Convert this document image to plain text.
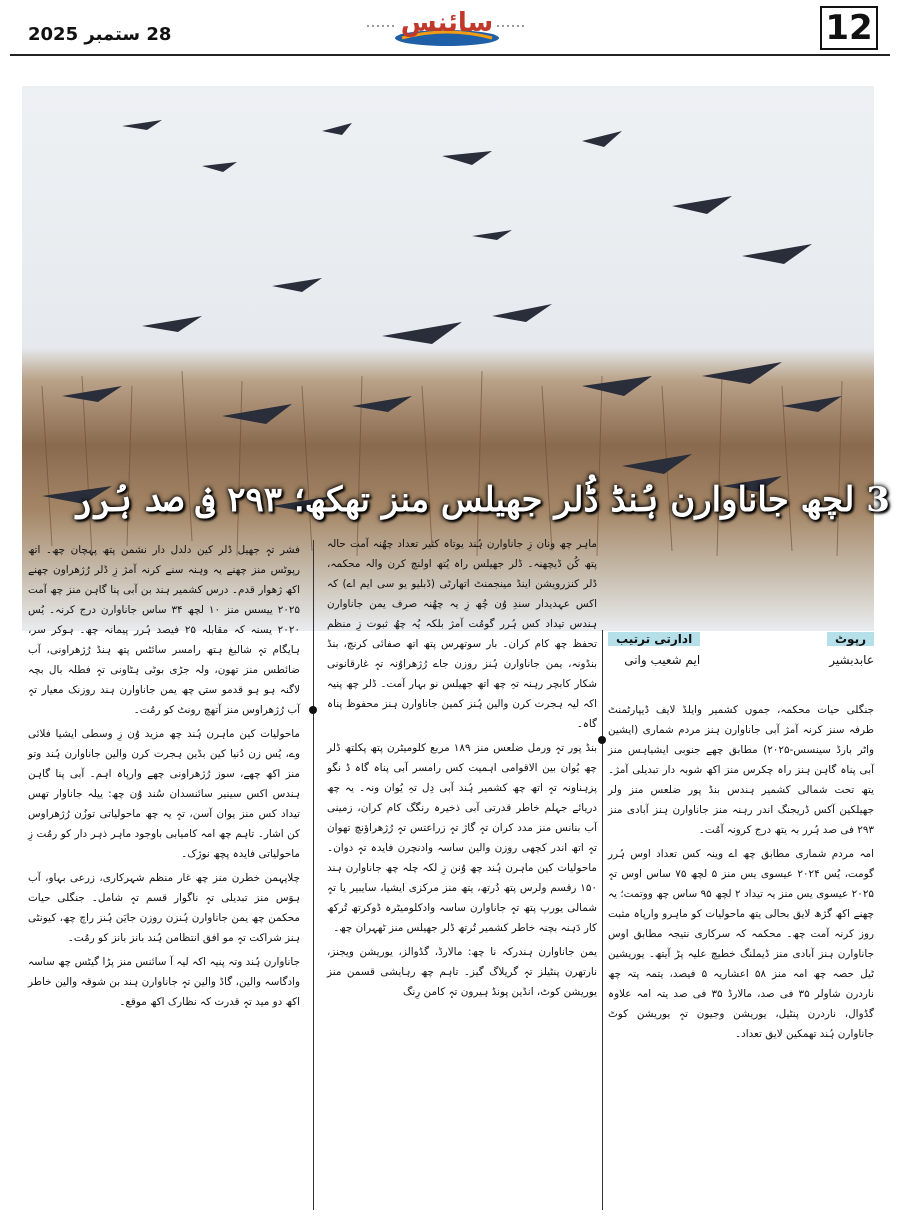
28 ستمبر 2025	سائنس	12
3 لچھ جاناوارن ہُنڈ ڈُلر جھیلس منز تھکھ؛ ۲۹۳ فی صد ہُرر
رپوٹ
عابدبشیر
ادارتی ترتیب
ایم شعیب وانی

جنگلی حیات محکمہ، جموں کشمیر وایلڈ لایف ڈیپارٹمنٹ طرفہ سنز کرنہ آمژ آبی جاناوارن ہنز مردم شماری (ایشین واٹر بارڈ سینسس-۲۰۲۵) مطابق چھے جنوبی ایشیاہس منز آبی پناہ گاہن ہنز راہ چکرس منز اکھ شوبہ دار تبدیلی آمژ۔ یتھ تحت شمالی کشمیر ہندس بنڈ پور ضلعس منز ولر جھیلکین آکس ڈریجنگ اندر رہنہ منز جاناوارن ہنز آبادی منز ۲۹۳ فی صد ہُرر بہ یتھ درج کرونہ آمُت۔

امہ مردم شماری مطابق چھ اے وینہ کس تعداد اوس ہُرر گومت، یُس ۲۰۲۴ عیسوی یس منز ۵ لچھ ۷۵ ساس اوس تہٕ ۲۰۲۵ عیسوی یس منز یہ تیداد ۲ لچھ ۹۵ ساس چھ ووتمت؛ یہ چھنے اکھ گژھ لایق بحالی یتھ ماحولیات کو ماہرو وارپاہ مثبت روز کرنہ آمت چھ۔ محکمہ کہ سرکاری نتیجہ مطابق اوس جاناوارن ہنز آبادی منز ڈیملنگ خطیچ علیہ پڑ آیتھ۔ یوریشین ٹیل حصہ چھ امہ منز ۵۸ اعشاریہ ۵ فیصد، یتمہ پتہ چھ ناردرن شاولر ۳۵ فی صد، مالارڈ ۳۵ فی صد یتہ امہ علاوہ گڈوال، ناردرن پنٹیل، یوریشن وجیون تہٕ یوریشن کوٹ جاناوارن ہُند تھمکین لایق تعداد۔

ماہر چھ ونان زِ جاناوارن ہُند یوتاہ کثیر تعداد چھُنہ آمت حالہ پتھ کُن ڈیچھنہ۔ ڈلر جھیلس راہ یُتھ اولنچ کرن والہ محکمہ، ڈلر کنزرویشن اینڈ مینجمنٹ اتھارٹی (ڈبلیو یو سی ایم اے) کہ اکس عہدیدار سندِ وُن چُھ زِ یہ چھُنہ صرف یمن جاناوارن ہندس تیداد کس ہُرر گومُت آمژ بلکہ یُہ چھُ ثبوت زِ منظم تحفظ چھ کام کران۔ بار سوتھرس پتھ اتھ صفائی کرنچ، بنڈ بنڈونہ، یمن جاناوارن ہُنز روزن جاے رُژھراوُنہ تہٕ غارقانونی شکار کابچر رہنہ تہِ چھ اتھ جھیلس نو بہار آمت۔ ڈلر چھ پنیہ اکہ لیہ ہجرت کرن والین ہُنز کمین جاناوارن ہنز محفوظ پناہ گاہ۔

بنڈ پور تہٕ ورمل ضلعس منز ۱۸۹ مربع کلومیٹرن پتھ پکلتھ ڈلر چھ یُوان بین الاقوامی اہمیت کس رامسر آبی پناہ گاہ ڈ نگو پزہناونہ تہٕ اتھ چھ کشمیر ہُند آبی دِل تہِ یُوان ونہ۔ یہ چھ دریائے جہلم خاطر قدرتی آبی ذخیرہ رنگگ کام کران، زمینی آب بنانس منز مدد کران تہٕ گاژ تہٕ زراعتس تہٕ رُژھراؤنچ تھوان تہٕ اتھ اندر کچھی روزن والین ساسہ وادنچرن فایدہ تہٕ دوان۔ ماحولیات کین ماہرن ہُند چھ وُنن زِ لکہ چلہ چھ جاناوارن ہند ۱۵۰ رقسم ولرس پتھ دُرتھ، یتھ منز مرکزی ایشیا، سایبیر یا تہٕ شمالی یورپ پتھ تہٕ جاناوارن ساسہ وادکلومیٹرہ ڈوکرتھ تُرکھ کار دَہنہ بچنہ خاطر کشمیر تُرتھ ڈلر جھیلس منز ٹھہران چھ۔

یمن جاناوارن ہندرکہ نا چھ: مالارڈ، گڈوالز، یوریشن ویجنز، نارتھرن پنٹیلز تہٕ گریلاگ گیز۔ تاہم چھ رہایشی قسمن منز یوریشن کوٹ، انڈین پونڈ ہیرون تہٕ کامن رِنگ

فشر تہٕ جھیل ڈلر کین دلدل دار نشمن پتھ پہچان چھ۔ اتھ رپوٹس منز چھنے یہ وہنہ سنے کرنہ آمژ زِ ڈلر رُژھراون چھنے اکھ ژھوار قدم۔ درس کشمیر ہند بن آبی پنا گاہن منز چھ آمت ۲۰۲۵ ییسس منز ۱۰ لچھ ۳۴ ساس جاناوارن درج کرنہ۔ یُس ۲۰۲۰ یسنہ کہ مقابلہ ۲۵ فیصد ہُرر پیمانہ چھ۔ ہوکر سر، ہایگام تہٕ شالبغ ہتھ رامسر سائٹس پتھ ہنڈ رُژھراونی، آب ضائطس منز تھون، ولہ جڑی بوٹی ہٹاونی تہٕ فطلہ بال بچہ لاگنہ ہو ہو قدمو ستۍ چھ یمن جاناوارن ہند روزنک معیار تہٕ آب رُژھراوس منز آتھچ رونٹ کو رمُت۔

ماحولیات کین ماہرن ہُند چھ مزید وُن زِ وسطی ایشیا فلائی وے، یُس زن دُنیا کین بڈین ہجرت کرن والین جاناوارن ہُند وتو منز اکھ چھے، سوز رُژھراونی چھے وارپاہ اہم۔ آبی پنا گاہن ہندس اکس سینیر سائنسدان سُند وُن چھ: ییلہ جاناوار تھس تیداد کس منز یوان آسن، تہٕ یہ چھ ماحولیاتی توزُن رُژھراوس کن اشار۔ تاہم چھ امہ کامیابی باوجود ماہر ذہر دار کو رمُت زِ ماحولیاتی فایدہ پچھ نوژک۔

چلاپہمن خطرن منز چھ غار منظم شہرکاری، زرعی بہاو، آب ہوَس منز تبدیلی تہٕ ناگوار قسم تہٕ شامل۔ جنگلی حیات محکمن چھ یمن جاناوارن ہُنزن روزن جایَن ہُنز راچ چھ، کیونٹی ہنز شراکت تہٕ مو افق انتظامن ہُند بانز بانز کو رمُت۔

جاناوارن ہُند وتہ پنیہ اکہ لیہ آ سائنس منز پڑا گیٹس چھ ساسہ وادگاسہ والین، گاڈ والین تہٕ جاناوارن ہند بن شوقہ والین خاطر اکھ دو مید تہٕ قدرت کہ نظارک اکھ موقع۔
